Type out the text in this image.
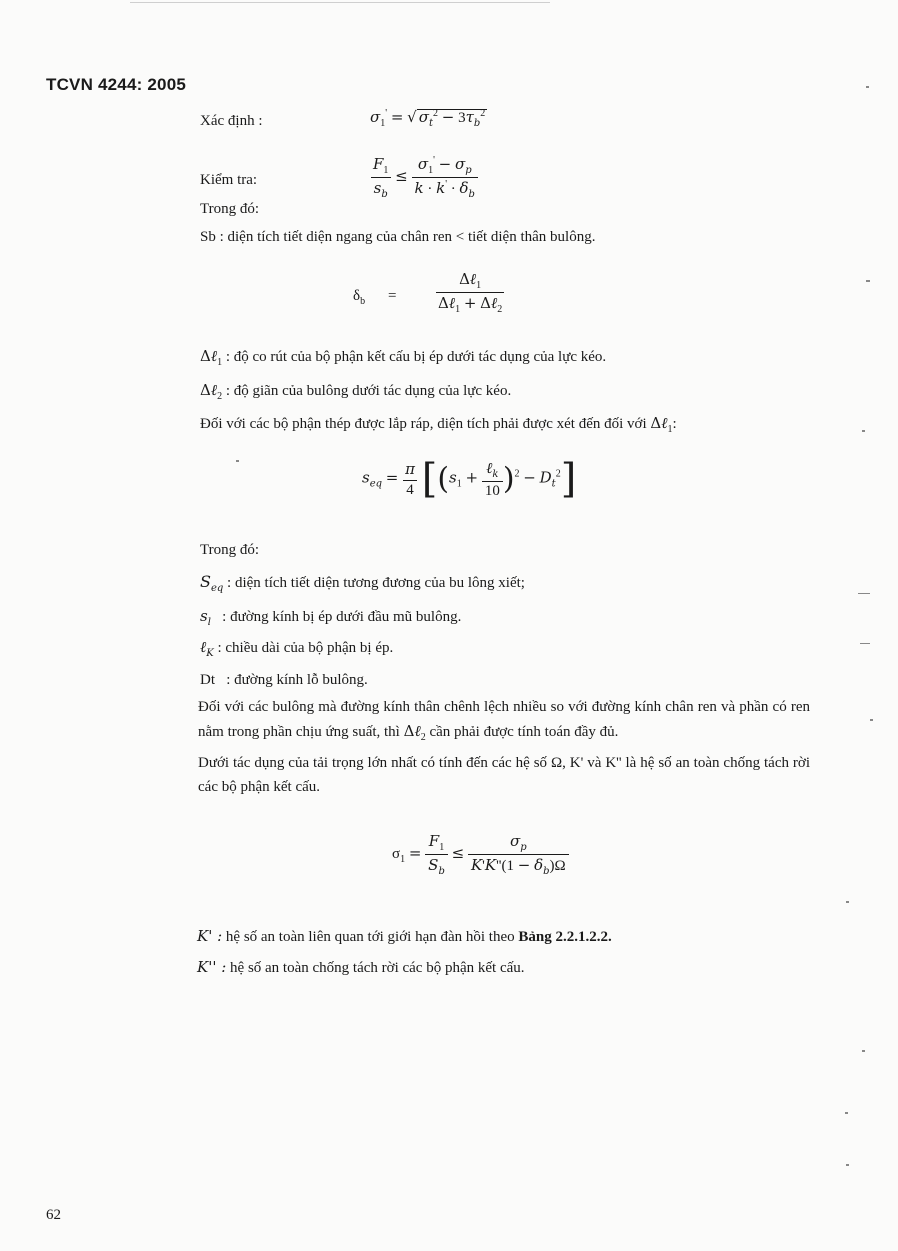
TCVN 4244: 2005
Xác định :	$\sigma_1'$ = √ $\sigma_t^2 - 3\tau_b^2$
Kiểm tra:	$\frac{F_1}{s_b} \le \frac{\sigma_1' - \sigma_p}{k \cdot k' \cdot \delta_b}$
Trong đó:
Sb : diện tích tiết diện ngang của chân ren < tiết diện thân bulông.
$\delta_b$ =	$\frac{\Delta\ell_1}{\Delta\ell_1 + \Delta\ell_2}$
Δℓ$_1$ : độ co rút của bộ phận kết cấu bị ép dưới tác dụng của lực kéo.
Δℓ$_2$ : độ giãn của bulông dưới tác dụng của lực kéo.
Đối với các bộ phận thép được lắp ráp, diện tích phải được xét đến đối với Δℓ$_1$:
$s_{eq} = \frac{\pi}{4} [(s_1 + \frac{\ell_k}{10} )^2 - D_t^2]$
Trong đó:
$S_{eq}$ : diện tích tiết diện tương đương của bu lông xiết;
$s_l$ : đường kính bị ép dưới đầu mũ bulông.
ℓ$_K$ : chiều dài của bộ phận bị ép.
Dt : đường kính lỗ bulông.
Đối với các bulông mà đường kính thân chênh lệch nhiều so với đường kính chân ren và phần có ren nằm trong phần chịu ứng suất, thì Δℓ$_2$ cần phải được tính toán đầy đủ.
Dưới tác dụng của tải trọng lớn nhất có tính đến các hệ số Ω, K' và K'' là hệ số an toàn chống tách rời các bộ phận kết cấu.
$\sigma_1 = \frac{F_1}{S_b} \le \frac{\sigma_p}{K'K''(1 - \delta_b)\Omega}$
K' : hệ số an toàn liên quan tới giới hạn đàn hồi theo Bảng 2.2.1.2.2.
K'' : hệ số an toàn chống tách rời các bộ phận kết cấu.
62
